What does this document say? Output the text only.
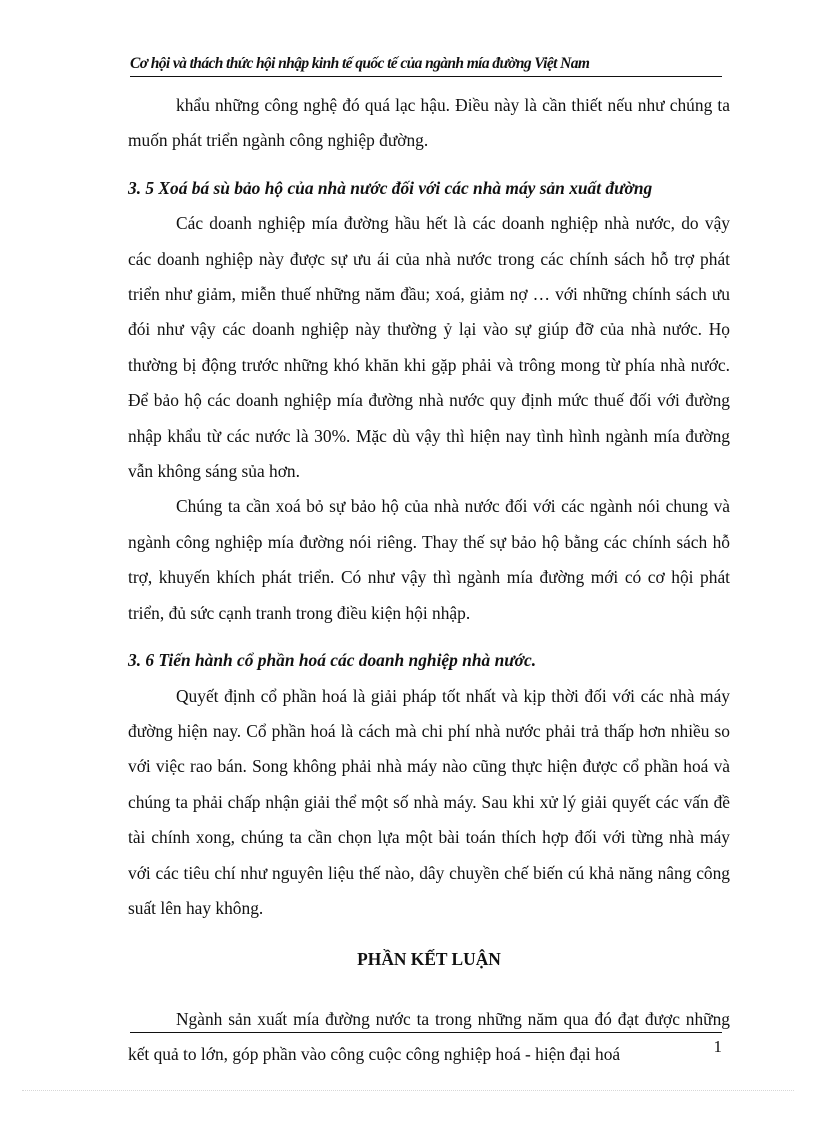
Cơ hội và thách thức hội nhập kinh tế quốc tế của ngành mía đường Việt Nam

khẩu những công nghệ đó quá lạc hậu. Điều này là cần thiết nếu như chúng ta muốn phát triển ngành công nghiệp đường.

3. 5 Xoá bá sù bảo hộ của nhà nước đối với các nhà máy sản xuất đường

Các doanh nghiệp mía đường hầu hết là các doanh nghiệp nhà nước, do vậy các doanh nghiệp này được sự ưu ái của nhà nước trong các chính sách hỗ trợ phát triển như giảm, miễn thuế những năm đầu; xoá, giảm nợ … với những chính sách ưu đói như vậy các doanh nghiệp này thường ỷ lại vào sự giúp đỡ của nhà nước. Họ thường bị động trước những khó khăn khi gặp phải và trông mong từ phía nhà nước. Để bảo hộ các doanh nghiệp mía đường nhà nước quy định mức thuế đối với đường nhập khẩu từ các nước là 30%. Mặc dù vậy thì hiện nay tình hình ngành mía đường vẫn không sáng sủa hơn.

Chúng ta cần xoá bỏ sự bảo hộ của nhà nước đối với các ngành nói chung và ngành công nghiệp mía đường nói riêng. Thay thế sự bảo hộ bằng các chính sách hỗ trợ, khuyến khích phát triển. Có như vậy thì ngành mía đường mới có cơ hội phát triển, đủ sức cạnh tranh trong điều kiện hội nhập.

3. 6 Tiến hành cổ phần hoá các doanh nghiệp nhà nước.

Quyết định cổ phần hoá là giải pháp tốt nhất và kịp thời đối với các nhà máy đường hiện nay. Cổ phần hoá là cách mà chi phí nhà nước phải trả thấp hơn nhiều so với việc rao bán. Song không phải nhà máy nào cũng thực hiện được cổ phần hoá và chúng ta phải chấp nhận giải thể một số nhà máy. Sau khi xử lý giải quyết các vấn đề tài chính xong, chúng ta cần chọn lựa một bài toán thích hợp đối với từng nhà máy với các tiêu chí như nguyên liệu thế nào, dây chuyền chế biến cú khả năng nâng công suất lên hay không.

PHẦN KẾT LUẬN

Ngành sản xuất mía đường nước ta trong những năm qua đó đạt được những kết quả to lớn, góp phần vào công cuộc công nghiệp hoá - hiện đại hoá	1
